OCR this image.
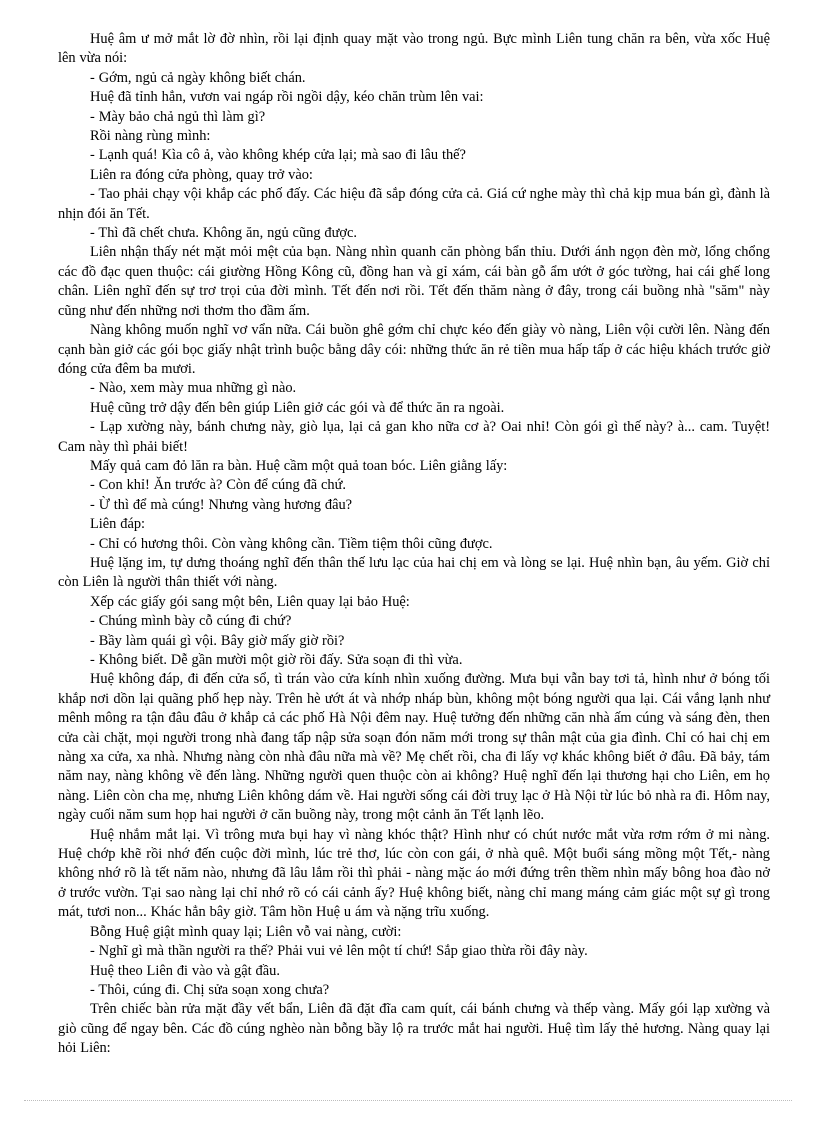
Huệ âm ư mở mắt lờ đờ nhìn, rồi lại định quay mặt vào trong ngủ. Bực mình Liên tung chăn ra bên, vừa xốc Huệ lên vừa nói:

- Gớm, ngủ cả ngày không biết chán.

Huệ đã tỉnh hẳn, vươn vai ngáp rồi ngồi dậy, kéo chăn trùm lên vai:

- Mày bảo chả ngủ thì làm gì?

Rồi nàng rùng mình:

- Lạnh quá! Kìa cô ả, vào không khép cửa lại; mà sao đi lâu thế?

Liên ra đóng cửa phòng, quay trở vào:

- Tao phải chạy vội khắp các phố đấy. Các hiệu đã sắp đóng cửa cả. Giá cứ nghe mày thì chả kịp mua bán gì, đành là nhịn đói ăn Tết.

- Thì đã chết chưa. Không ăn, ngủ cũng được.

Liên nhận thấy nét mặt mỏi mệt của bạn. Nàng nhìn quanh căn phòng bẩn thỉu. Dưới ánh ngọn đèn mờ, lổng chổng các đồ đạc quen thuộc: cái giường Hồng Kông cũ, đồng han và gỉ xám, cái bàn gỗ ẩm ướt ở góc tường, hai cái ghế long chân. Liên nghĩ đến sự trơ trọi của đời mình. Tết đến nơi rồi. Tết đến thăm nàng ở đây, trong cái buồng nhà "săm" này cũng như đến những nơi thơm tho đầm ấm.

Nàng không muốn nghĩ vơ vẩn nữa. Cái buồn ghê gớm chỉ chực kéo đến giày vò nàng, Liên vội cười lên. Nàng đến cạnh bàn giở các gói bọc giấy nhật trình buộc bằng dây cói: những thức ăn rẻ tiền mua hấp tấp ở các hiệu khách trước giờ đóng cửa đêm ba mươi.

- Nào, xem mày mua những gì nào.

Huệ cũng trở dậy đến bên giúp Liên giở các gói và để thức ăn ra ngoài.

- Lạp xường này, bánh chưng này, giò lụa, lại cả gan kho nữa cơ à? Oai nhỉ! Còn gói gì thế này? à... cam. Tuyệt! Cam này thì phải biết!

Mấy quả cam đỏ lăn ra bàn. Huệ cầm một quả toan bóc. Liên giằng lấy:

- Con khỉ! Ăn trước à? Còn để cúng đã chứ.

- Ừ thì để mà cúng! Nhưng vàng hương đâu?

Liên đáp:

- Chỉ có hương thôi. Còn vàng không cần. Tiềm tiệm thôi cũng được.

Huệ lặng im, tự dưng thoáng nghĩ đến thân thế lưu lạc của hai chị em và lòng se lại. Huệ nhìn bạn, âu yếm. Giờ chỉ còn Liên là người thân thiết với nàng.

Xếp các giấy gói sang một bên, Liên quay lại bảo Huệ:

- Chúng mình bày cỗ cúng đi chứ?

- Bầy làm quái gì vội. Bây giờ mấy giờ rồi?

- Không biết. Dễ gần mười một giờ rồi đấy. Sửa soạn đi thì vừa.

Huệ không đáp, đi đến cửa sổ, tì trán vào cửa kính nhìn xuống đường. Mưa bụi vẫn bay tơi tả, hình như ở bóng tối khắp nơi dồn lại quãng phố hẹp này. Trên hè ướt át và nhớp nháp bùn, không một bóng người qua lại. Cái vắng lạnh như mênh mông ra tận đâu đâu ở khắp cả các phố Hà Nội đêm nay. Huệ tưởng đến những căn nhà ấm cúng và sáng đèn, then cửa cài chặt, mọi người trong nhà đang tấp nập sửa soạn đón năm mới trong sự thân mật của gia đình. Chỉ có hai chị em nàng xa cửa, xa nhà. Nhưng nàng còn nhà đâu nữa mà về? Mẹ chết rồi, cha đi lấy vợ khác không biết ở đâu. Đã bảy, tám năm nay, nàng không về đến làng. Những người quen thuộc còn ai không? Huệ nghĩ đến lại thương hại cho Liên, em họ nàng. Liên còn cha mẹ, nhưng Liên không dám về. Hai người sống cái đời truỵ lạc ở Hà Nội từ lúc bỏ nhà ra đi. Hôm nay, ngày cuối năm sum họp hai người ở căn buồng này, trong một cảnh ăn Tết lạnh lẽo.

Huệ nhắm mắt lại. Vì trông mưa bụi hay vì nàng khóc thật? Hình như có chút nước mắt vừa rơm rớm ở mi nàng. Huệ chớp khẽ rồi nhớ đến cuộc đời mình, lúc trẻ thơ, lúc còn con gái, ở nhà quê. Một buổi sáng mồng một Tết,- nàng không nhớ rõ là tết năm nào, nhưng đã lâu lắm rồi thì phải - nàng mặc áo mới đứng trên thềm nhìn mấy bông hoa đào nở ở trước vườn. Tại sao nàng lại chỉ nhớ rõ có cái cảnh ấy? Huệ không biết, nàng chỉ mang máng cảm giác một sự gì trong mát, tươi non... Khác hẳn bây giờ. Tâm hồn Huệ u ám và nặng trĩu xuống.

Bỗng Huệ giật mình quay lại; Liên vỗ vai nàng, cười:

- Nghĩ gì mà thần người ra thế? Phải vui vẻ lên một tí chứ! Sắp giao thừa rồi đây này.

Huệ theo Liên đi vào và gật đầu.

- Thôi, cúng đi. Chị sửa soạn xong chưa?

Trên chiếc bàn rửa mặt đầy vết bẩn, Liên đã đặt đĩa cam quít, cái bánh chưng và thếp vàng. Mấy gói lạp xường và giò cũng để ngay bên. Các đồ cúng nghèo nàn bỗng bầy lộ ra trước mắt hai người. Huệ tìm lấy thẻ hương. Nàng quay lại hỏi Liên:
